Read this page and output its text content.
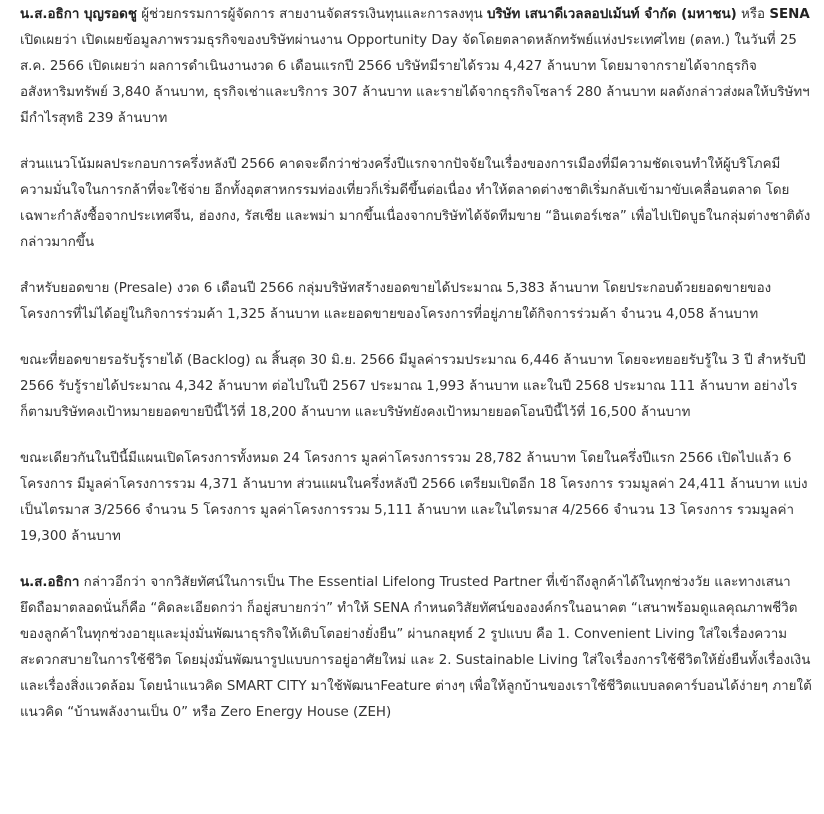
น.ส.อธิกา บุญรอดชู ผู้ช่วยกรรมการผู้จัดการ สายงานจัดสรรเงินทุนและการลงทุน บริษัท เสนาดีเวลลอปเม้นท์ จำกัด (มหาชน) หรือ SENA เปิดเผยว่า เปิดเผยข้อมูลภาพรวมธุรกิจของบริษัทผ่านงาน Opportunity Day จัดโดยตลาดหลักทรัพย์แห่งประเทศไทย (ตลท.) ในวันที่ 25 ส.ค. 2566 เปิดเผยว่า ผลการดำเนินงานงวด 6 เดือนแรกปี 2566 บริษัทมีรายได้รวม 4,427 ล้านบาท โดยมาจากรายได้จากธุรกิจอสังหาริมทรัพย์ 3,840 ล้านบาท, ธุรกิจเช่าและบริการ 307 ล้านบาท และรายได้จากธุรกิจโซลาร์ 280 ล้านบาท ผลดังกล่าวส่งผลให้บริษัทฯมีกำไรสุทธิ 239 ล้านบาท

ส่วนแนวโน้มผลประกอบการครึ่งหลังปี 2566 คาดจะดีกว่าช่วงครึ่งปีแรกจากปัจจัยในเรื่องของการเมืองที่มีความชัดเจนทำให้ผู้บริโภคมีความมั่นใจในการกล้าที่จะใช้จ่าย อีกทั้งอุตสาหกรรมท่องเที่ยวก็เริ่มดีขึ้นต่อเนื่อง ทำให้ตลาดต่างชาติเริ่มกลับเข้ามาขับเคลื่อนตลาด โดยเฉพาะกำลังซื้อจากประเทศจีน, ฮ่องกง, รัสเซีย และพม่า มากขึ้นเนื่องจากบริษัทได้จัดทีมขาย “อินเตอร์เซล” เพื่อไปเปิดบูธในกลุ่มต่างชาติดังกล่าวมากขึ้น

สำหรับยอดขาย (Presale) งวด 6 เดือนปี 2566 กลุ่มบริษัทสร้างยอดขายได้ประมาณ 5,383 ล้านบาท โดยประกอบด้วยยอดขายของโครงการที่ไม่ได้อยู่ในกิจการร่วมค้า 1,325 ล้านบาท และยอดขายของโครงการที่อยู่ภายใต้กิจการร่วมค้า จำนวน 4,058 ล้านบาท

ขณะที่ยอดขายรอรับรู้รายได้ (Backlog) ณ สิ้นสุด 30 มิ.ย. 2566 มีมูลค่ารวมประมาณ 6,446 ล้านบาท โดยจะทยอยรับรู้ใน 3 ปี สำหรับปี 2566 รับรู้รายได้ประมาณ 4,342 ล้านบาท ต่อไปในปี 2567 ประมาณ 1,993 ล้านบาท และในปี 2568 ประมาณ 111 ล้านบาท อย่างไรก็ตามบริษัทคงเป้าหมายยอดขายปีนี้ไว้ที่ 18,200 ล้านบาท และบริษัทยังคงเป้าหมายยอดโอนปีนี้ไว้ที่ 16,500 ล้านบาท

ขณะเดียวกันในปีนี้มีแผนเปิดโครงการทั้งหมด 24 โครงการ มูลค่าโครงการรวม 28,782 ล้านบาท โดยในครึ่งปีแรก 2566 เปิดไปแล้ว 6 โครงการ มีมูลค่าโครงการรวม 4,371 ล้านบาท ส่วนแผนในครึ่งหลังปี 2566 เตรียมเปิดอีก 18 โครงการ รวมมูลค่า 24,411 ล้านบาท แบ่งเป็นไตรมาส 3/2566 จำนวน 5 โครงการ มูลค่าโครงการรวม 5,111 ล้านบาท และในไตรมาส 4/2566 จำนวน 13 โครงการ รวมมูลค่า 19,300 ล้านบาท

น.ส.อธิกา กล่าวอีกว่า จากวิสัยทัศน์ในการเป็น The Essential Lifelong Trusted Partner ที่เข้าถึงลูกค้าได้ในทุกช่วงวัย และทางเสนายึดถือมาตลอดนั่นก็คือ “คิดละเอียดกว่า ก็อยู่สบายกว่า” ทำให้ SENA กำหนดวิสัยทัศน์ขององค์กรในอนาคต “เสนาพร้อมดูแลคุณภาพชีวิตของลูกค้าในทุกช่วงอายุและมุ่งมั่นพัฒนาธุรกิจให้เติบโตอย่างยั่งยืน” ผ่านกลยุทธ์ 2 รูปแบบ คือ 1. Convenient Living ใส่ใจเรื่องความสะดวกสบายในการใช้ชีวิต โดยมุ่งมั่นพัฒนารูปแบบการอยู่อาศัยใหม่ และ 2. Sustainable Living ใส่ใจเรื่องการใช้ชีวิตให้ยั่งยืนทั้งเรื่องเงินและเรื่องสิ่งแวดล้อม โดยนำแนวคิด SMART CITY มาใช้พัฒนาFeature ต่างๆ เพื่อให้ลูกบ้านของเราใช้ชีวิตแบบลดคาร์บอนได้ง่ายๆ ภายใต้แนวคิด “บ้านพลังงานเป็น 0” หรือ Zero Energy House (ZEH)
